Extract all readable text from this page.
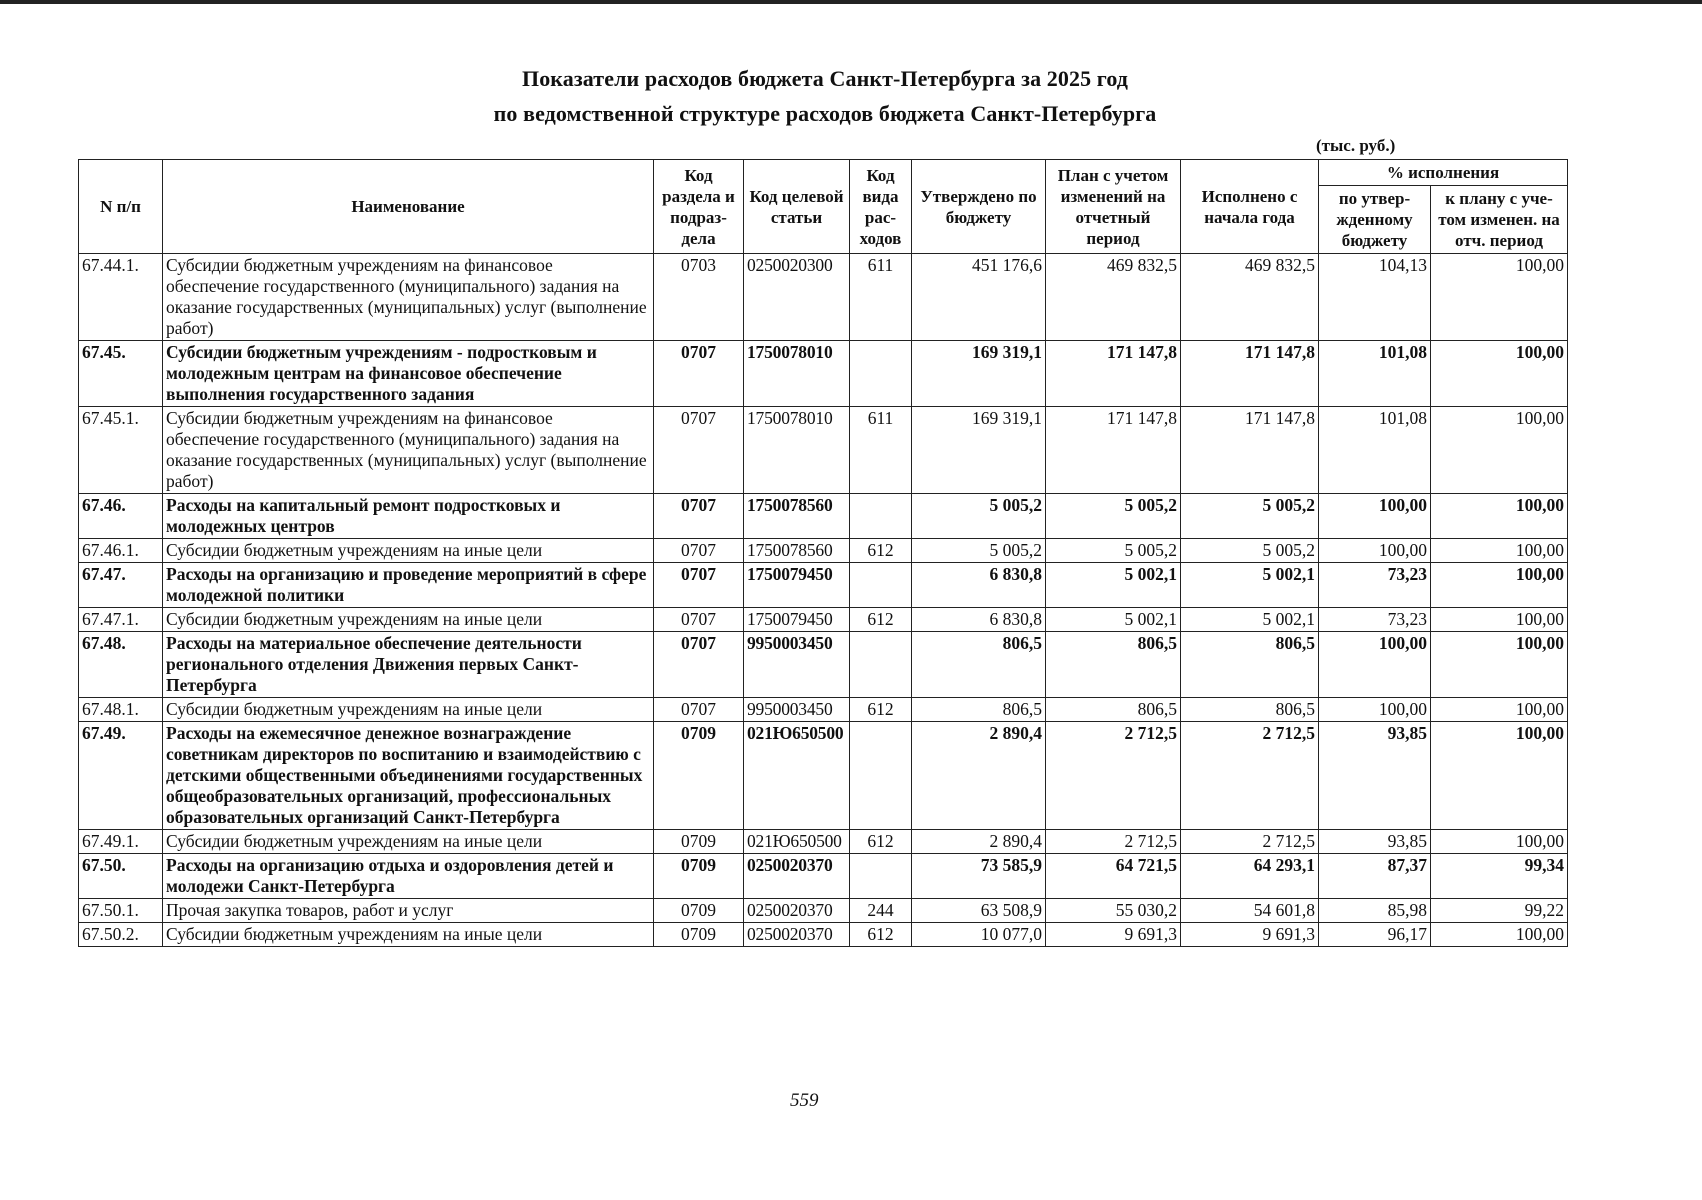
Показатели расходов бюджета Санкт-Петербурга за 2025 год
по ведомственной структуре расходов бюджета Санкт-Петербурга
(тыс. руб.)
N п/п	Наименование	Код раздела и подраз-дела	Код целевой статьи	Код вида рас-ходов	Утверждено по бюджету	План с учетом изменений на отчетный период	Исполнено с начала года	% исполнения	
								по утвер-жденному бюджету	к плану с уче-том изменен. на отч. период
67.44.1.	Субсидии бюджетным учреждениям на финансовое обеспечение государственного (муниципального) задания на оказание государственных (муниципальных) услуг (выполнение работ)	0703	0250020300	611	451 176,6	469 832,5	469 832,5	104,13	100,00
67.45.	Субсидии бюджетным учреждениям - подростковым и молодежным центрам на финансовое обеспечение выполнения государственного задания	0707	1750078010		169 319,1	171 147,8	171 147,8	101,08	100,00
67.45.1.	Субсидии бюджетным учреждениям на финансовое обеспечение государственного (муниципального) задания на оказание государственных (муниципальных) услуг (выполнение работ)	0707	1750078010	611	169 319,1	171 147,8	171 147,8	101,08	100,00
67.46.	Расходы на капитальный ремонт подростковых и молодежных центров	0707	1750078560		5 005,2	5 005,2	5 005,2	100,00	100,00
67.46.1.	Субсидии бюджетным учреждениям на иные цели	0707	1750078560	612	5 005,2	5 005,2	5 005,2	100,00	100,00
67.47.	Расходы на организацию и проведение мероприятий в сфере молодежной политики	0707	1750079450		6 830,8	5 002,1	5 002,1	73,23	100,00
67.47.1.	Субсидии бюджетным учреждениям на иные цели	0707	1750079450	612	6 830,8	5 002,1	5 002,1	73,23	100,00
67.48.	Расходы на материальное обеспечение деятельности регионального отделения Движения первых Санкт-Петербурга	0707	9950003450		806,5	806,5	806,5	100,00	100,00
67.48.1.	Субсидии бюджетным учреждениям на иные цели	0707	9950003450	612	806,5	806,5	806,5	100,00	100,00
67.49.	Расходы на ежемесячное денежное вознаграждение советникам директоров по воспитанию и взаимодействию с детскими общественными объединениями государственных общеобразовательных организаций, профессиональных образовательных организаций Санкт-Петербурга	0709	021Ю650500		2 890,4	2 712,5	2 712,5	93,85	100,00
67.49.1.	Субсидии бюджетным учреждениям на иные цели	0709	021Ю650500	612	2 890,4	2 712,5	2 712,5	93,85	100,00
67.50.	Расходы на организацию отдыха и оздоровления детей и молодежи Санкт-Петербурга	0709	0250020370		73 585,9	64 721,5	64 293,1	87,37	99,34
67.50.1.	Прочая закупка товаров, работ и услуг	0709	0250020370	244	63 508,9	55 030,2	54 601,8	85,98	99,22
67.50.2.	Субсидии бюджетным учреждениям на иные цели	0709	0250020370	612	10 077,0	9 691,3	9 691,3	96,17	100,00
559
